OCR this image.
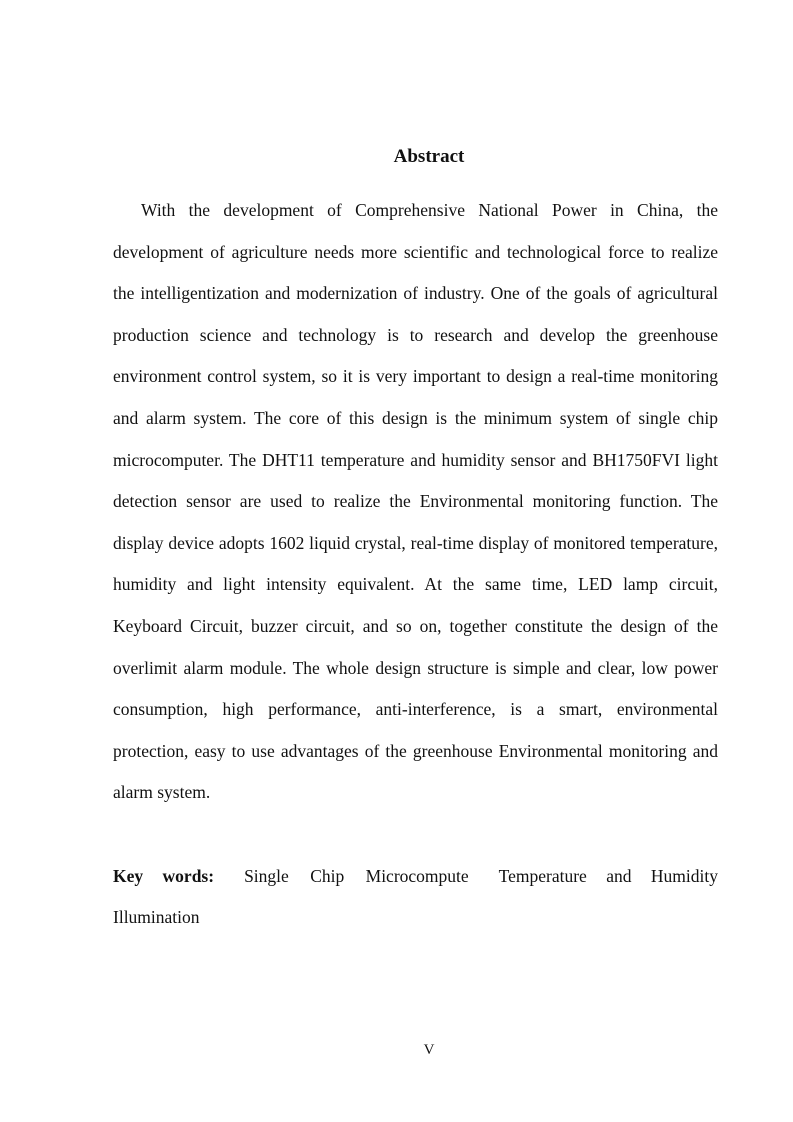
Abstract

With the development of Comprehensive National Power in China, the development of agriculture needs more scientific and technological force to realize the intelligentization and modernization of industry. One of the goals of agricultural production science and technology is to research and develop the greenhouse environment control system, so it is very important to design a real-time monitoring and alarm system. The core of this design is the minimum system of single chip microcomputer. The DHT11 temperature and humidity sensor and BH1750FVI light detection sensor are used to realize the Environmental monitoring function. The display device adopts 1602 liquid crystal, real-time display of monitored temperature, humidity and light intensity equivalent. At the same time, LED lamp circuit, Keyboard Circuit, buzzer circuit, and so on, together constitute the design of the overlimit alarm module. The whole design structure is simple and clear, low power consumption, high performance, anti-interference, is a smart, environmental protection, easy to use advantages of the greenhouse Environmental monitoring and alarm system.

Key words: Single Chip Microcompute Temperature and Humidity Illumination

V
